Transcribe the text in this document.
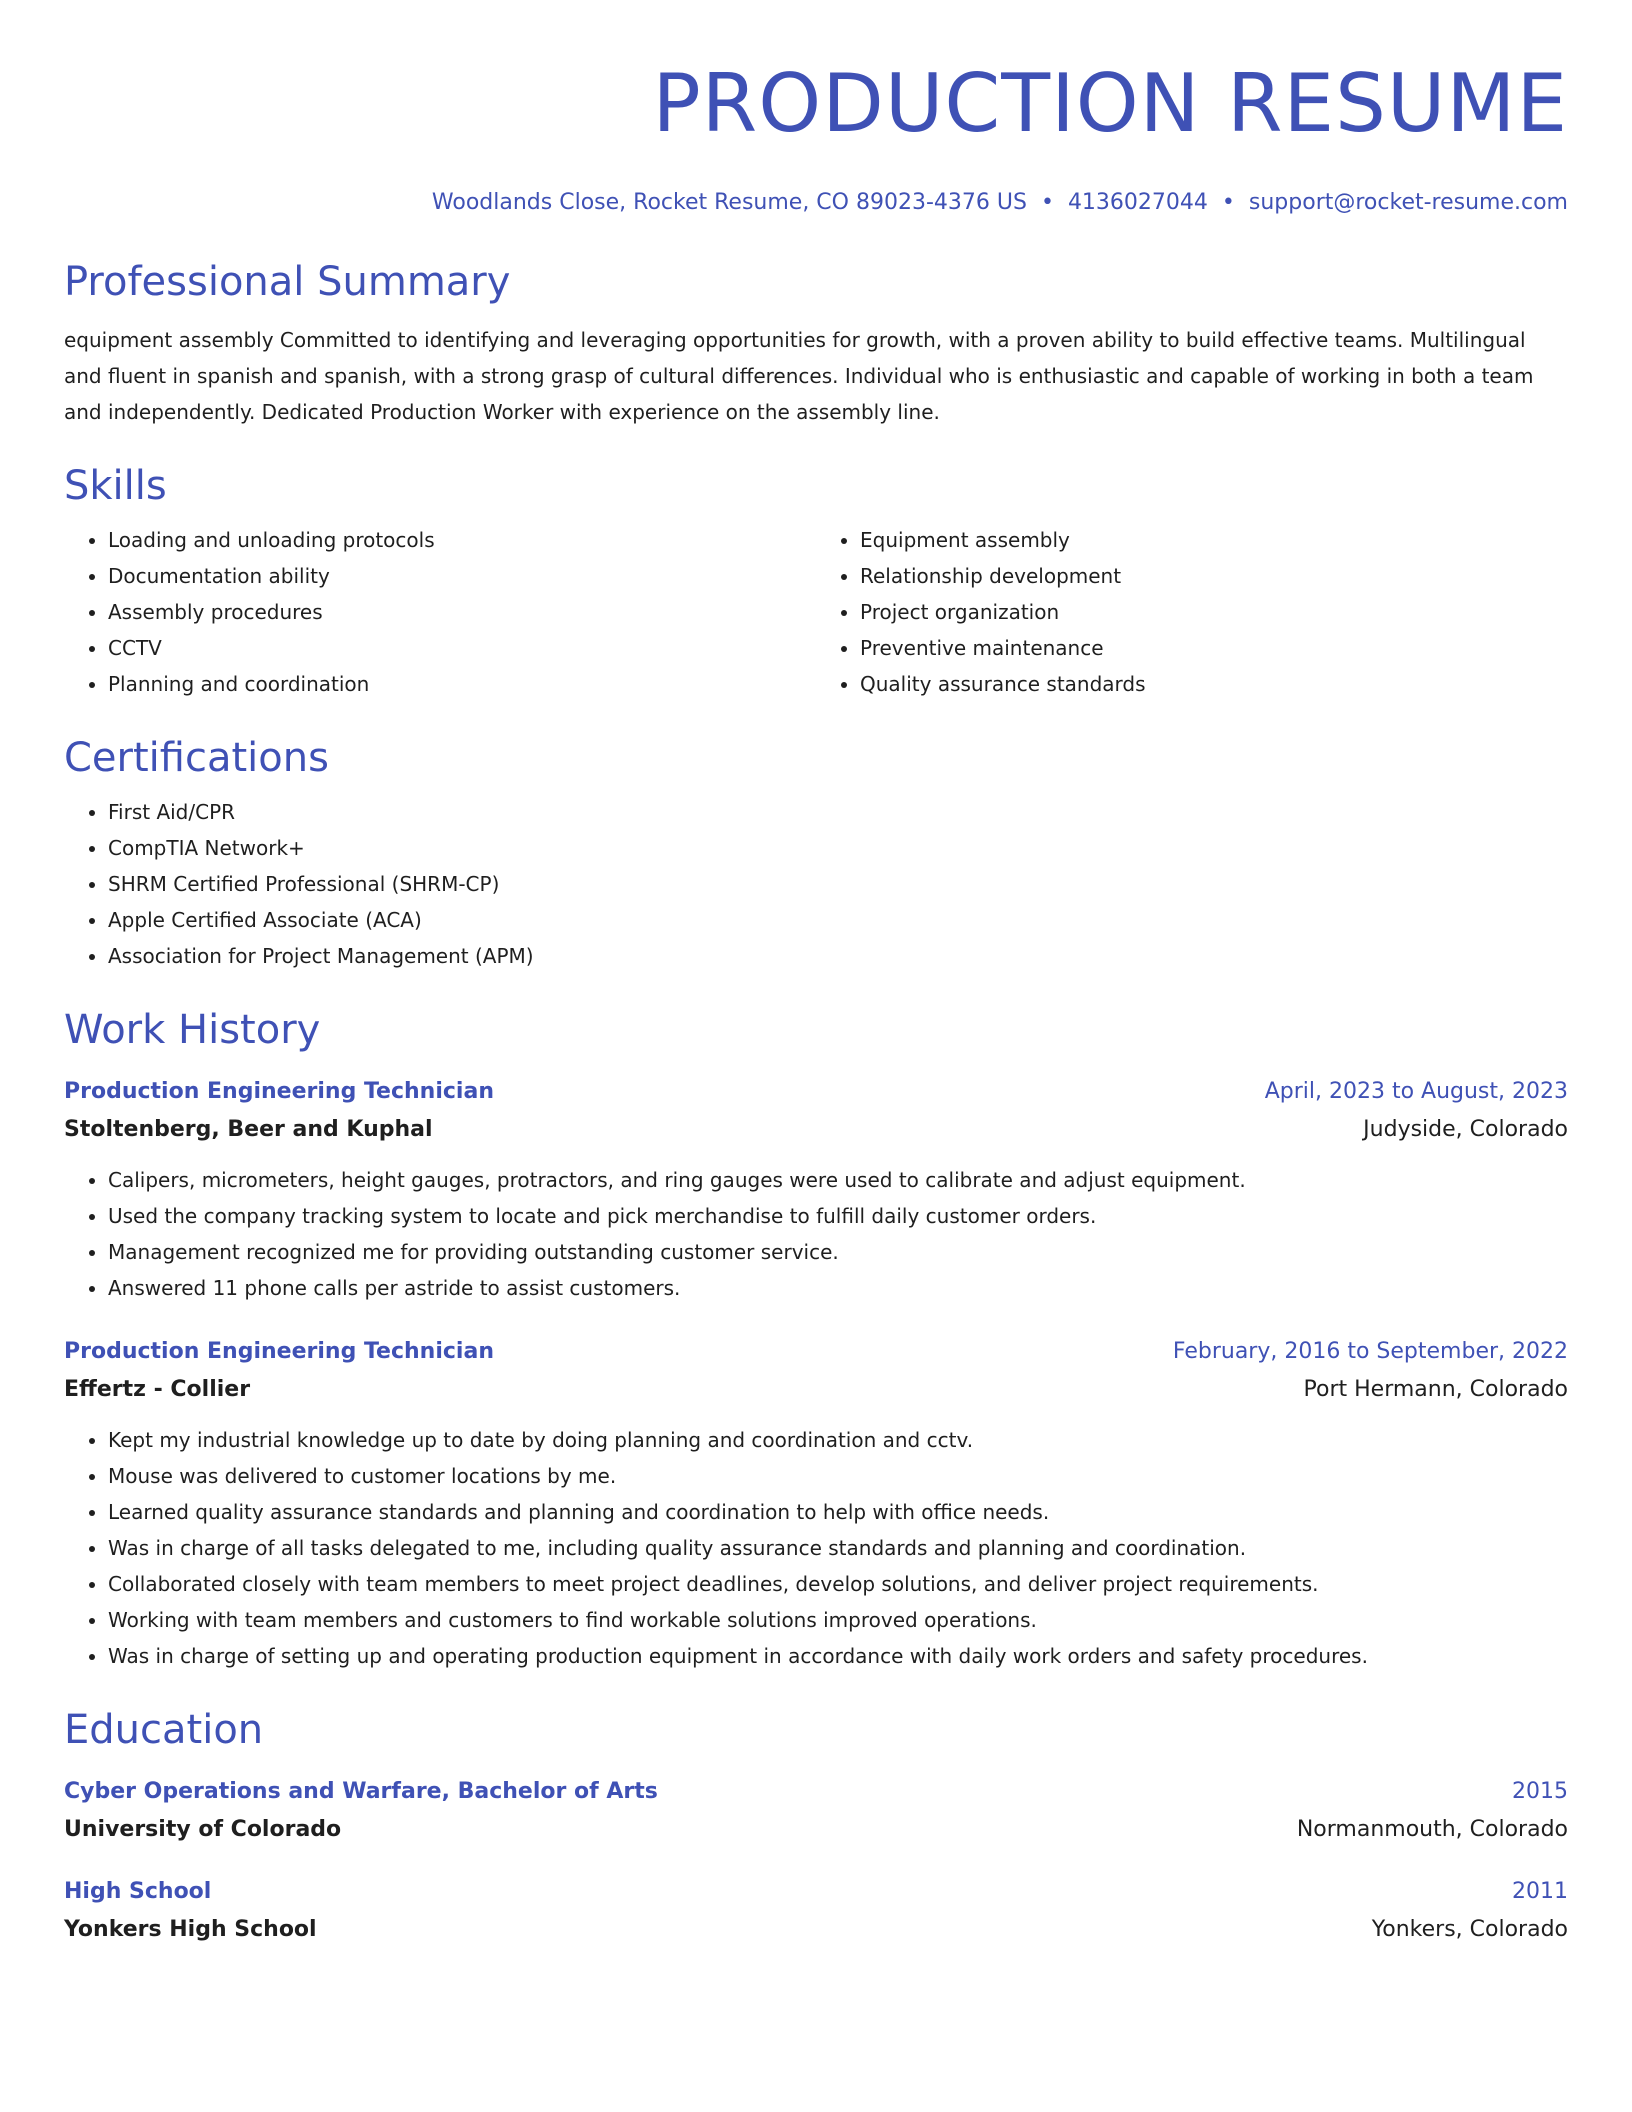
PRODUCTION RESUME
Woodlands Close, Rocket Resume, CO 89023-4376 US • 4136027044 • support@rocket-resume.com
Professional Summary
equipment assembly Committed to identifying and leveraging opportunities for growth, with a proven ability to build effective teams. Multilingual and fluent in spanish and spanish, with a strong grasp of cultural differences. Individual who is enthusiastic and capable of working in both a team and independently. Dedicated Production Worker with experience on the assembly line.
Skills
• Loading and unloading protocols
• Documentation ability
• Assembly procedures
• CCTV
• Planning and coordination
• Equipment assembly
• Relationship development
• Project organization
• Preventive maintenance
• Quality assurance standards
Certifications
• First Aid/CPR
• CompTIA Network+
• SHRM Certified Professional (SHRM-CP)
• Apple Certified Associate (ACA)
• Association for Project Management (APM)
Work History
Production Engineering Technician	April, 2023 to August, 2023
Stoltenberg, Beer and Kuphal	Judyside, Colorado
• Calipers, micrometers, height gauges, protractors, and ring gauges were used to calibrate and adjust equipment.
• Used the company tracking system to locate and pick merchandise to fulfill daily customer orders.
• Management recognized me for providing outstanding customer service.
• Answered 11 phone calls per astride to assist customers.
Production Engineering Technician	February, 2016 to September, 2022
Effertz - Collier	Port Hermann, Colorado
• Kept my industrial knowledge up to date by doing planning and coordination and cctv.
• Mouse was delivered to customer locations by me.
• Learned quality assurance standards and planning and coordination to help with office needs.
• Was in charge of all tasks delegated to me, including quality assurance standards and planning and coordination.
• Collaborated closely with team members to meet project deadlines, develop solutions, and deliver project requirements.
• Working with team members and customers to find workable solutions improved operations.
• Was in charge of setting up and operating production equipment in accordance with daily work orders and safety procedures.
Education
Cyber Operations and Warfare, Bachelor of Arts	2015
University of Colorado	Normanmouth, Colorado
High School	2011
Yonkers High School	Yonkers, Colorado
